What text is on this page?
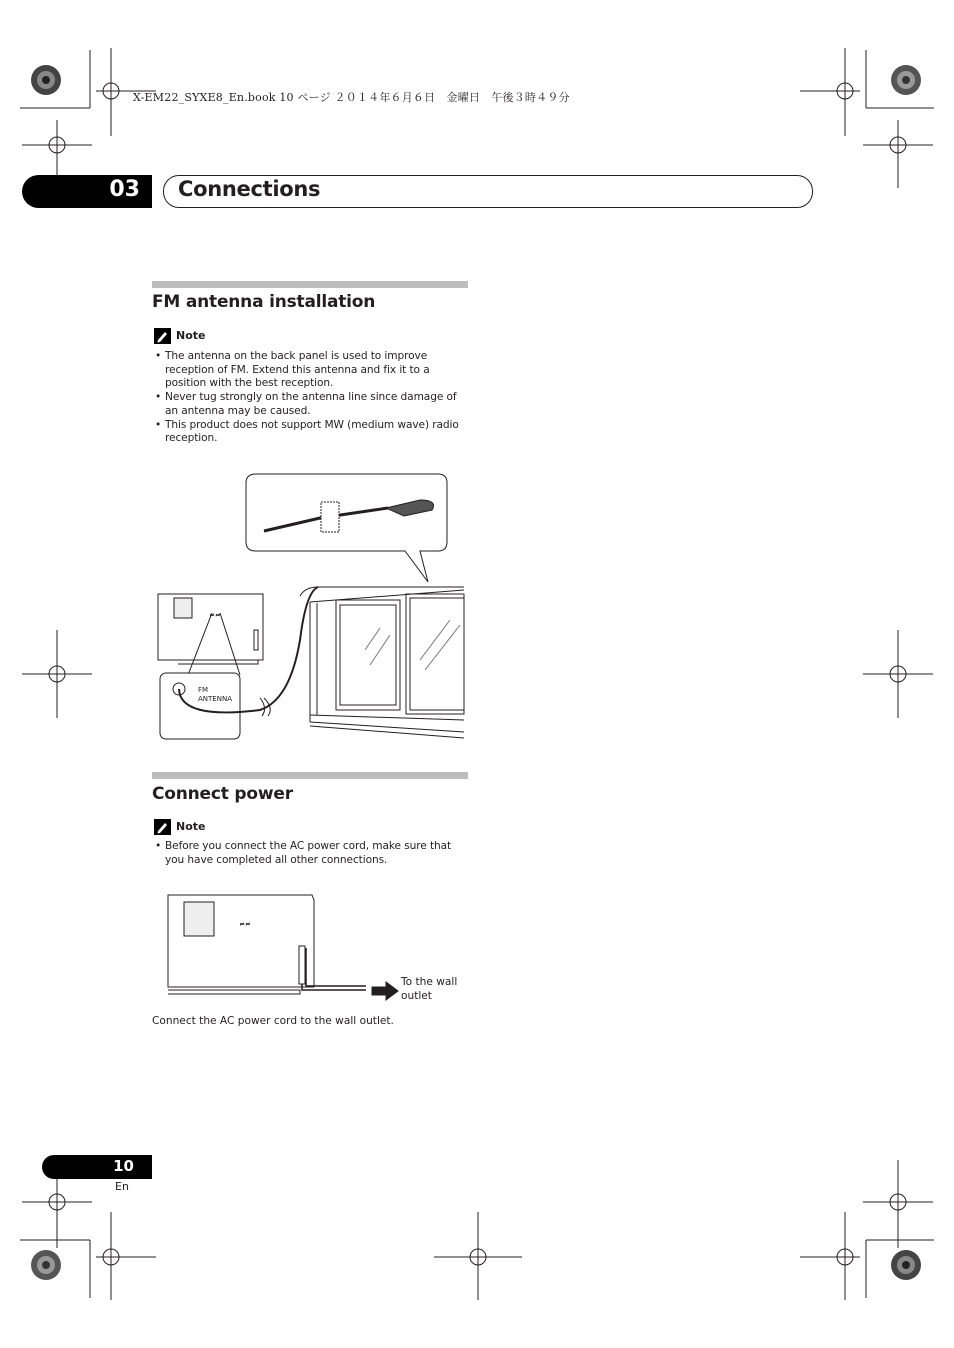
X-EM22_SYXE8_En.book 10 ページ ２０１４年６月６日　金曜日　午後３時４９分
03 Connections
FM antenna installation
Note
• The antenna on the back panel is used to improve reception of FM. Extend this antenna and fix it to a position with the best reception.
• Never tug strongly on the antenna line since damage of an antenna may be caused.
• This product does not support MW (medium wave) radio reception.
~ ~
FM
ANTENNA
Connect power
Note
• Before you connect the AC power cord, make sure that you have completed all other connections.
~ ~
To the wall
outlet
Connect the AC power cord to the wall outlet.
10
En
